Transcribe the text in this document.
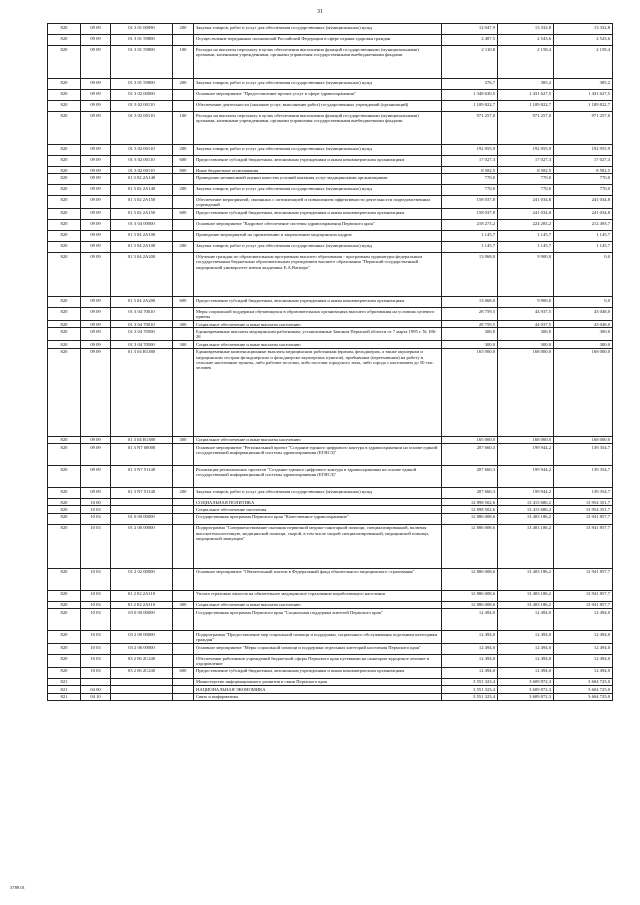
31
820	09 09	01 3 01 00090	200	Закупка товаров, работ и услуг для обеспечения государственных (муниципальных) нужд	12 047,9	13 332,8	13 332,8
820	09 09	01 3 01 59800		Осуществление переданных полномочий Российской Федерации в сфере охраны здоровья граждан	2 487,5	2 543,6	2 543,6
820	09 09	01 3 01 59800	100	Расходы на выплаты персоналу в целях обеспечения выполнения функций государственными (муниципальными) органами, казенными учреждениями, органами управления государственными внебюджетными фондами	2 110,8	2 158,4	2 158,4
820	09 09	01 3 01 59800	200	Закупка товаров, работ и услуг для обеспечения государственных (муниципальных) нужд	376,7	385,2	385,2
820	09 09	01 3 02 00000		Основное мероприятие "Предоставление прочих услуг в сфере здравоохранения"	1 348 630,5	1 431 627,5	1 431 627,5
820	09 09	01 3 02 00110		Обеспечение деятельности (оказание услуг, выполнение работ) государственных учреждений (организаций)	1 189 822,7	1 189 822,7	1 189 822,7
820	09 09	01 3 02 00110	100	Расходы на выплаты персоналу в целях обеспечения выполнения функций государственными (муниципальными) органами, казенными учреждениями, органами управления государственными внебюджетными фондами	971 257,0	971 257,0	971 257,0
820	09 09	01 3 02 00110	200	Закупка товаров, работ и услуг для обеспечения государственных (муниципальных) нужд	192 955,9	192 955,9	192 955,9
820	09 09	01 3 02 00110	600	Предоставление субсидий бюджетным, автономным учреждениям и иным некоммерческим организациям	17 027,3	17 027,3	17 027,3
820	09 09	01 3 02 00110	800	Иные бюджетные ассигнования	8 582,5	8 582,5	8 582,5
820	09 09	01 3 02 2А140		Проведение независимой оценки качества условий оказания услуг медицинскими организациями	770,0	770,0	770,0
820	09 09	01 3 02 2А140	200	Закупка товаров, работ и услуг для обеспечения государственных (муниципальных) нужд	770,0	770,0	770,0
820	09 09	01 3 02 2А150		Обеспечение мероприятий, связанных с оптимизацией и повышением эффективности деятельности подведомственных учреждений	158 037,8	241 034,8	241 034,8
820	09 09	01 3 02 2А150	600	Предоставление субсидий бюджетным, автономным учреждениям и иным некоммерческим организациям	158 037,8	241 034,8	241 034,8
820	09 09	01 3 04 00000		Основное мероприятие "Кадровое обеспечение системы здравоохранения Пермского края"	218 273,2	224 283,2	212 493,7
820	09 09	01 3 04 2А100		Проведение мероприятий по привлечению и закреплению медицинских кадров	1 145,7	1 145,7	1 145,7
820	09 09	01 3 04 2А100	200	Закупка товаров, работ и услуг для обеспечения государственных (муниципальных) нужд	1 145,7	1 145,7	1 145,7
820	09 09	01 3 04 2А200		Обучение граждан по образовательным программам высшего образования - программам ординатуры федеральным государственным бюджетным образовательным учреждением высшего образования "Пермский государственный медицинский университет имени академика Е.А.Вагнера"	13 068,0	9 900,0	0,0
820	09 09	01 3 04 2А200	600	Предоставление субсидий бюджетным, автономным учреждениям и иным некоммерческим организациям	13 068,0	9 900,0	0,0
820	09 09	01 3 04 70010		Меры социальной поддержки обучающихся в образовательных организациях высшего образования на условиях целевого приема	28 759,5	44 937,5	43 048,0
820	09 09	01 3 04 70010	300	Социальное обеспечение и иные выплаты населению	28 759,5	44 937,5	43 048,0
820	09 09	01 3 04 70500		Единовременные выплаты медицинским работникам, установленные Законом Пермской области от 7 марта 1995 г. № 186-28	300,0	300,0	300,0
820	09 09	01 3 04 70500	300	Социальное обеспечение и иные выплаты населению	300,0	300,0	300,0
820	09 09	01 3 04 R1380		Единовременные компенсационные выплаты медицинским работникам (врачам, фельдшерам, а также акушеркам и медицинским сестрам фельдшерских и фельдшерско-акушерских пунктов), прибывшим (переехавшим) на работу в сельские населенные пункты, либо рабочие поселки, либо поселки городского типа, либо города с населением до 50 тыс. человек	165 000,0	168 000,0	168 000,0
820	09 09	01 3 04 R1380	300	Социальное обеспечение и иные выплаты населению	165 000,0	168 000,0	168 000,0
820	09 09	01 3 N7 00000		Основное мероприятие "Региональный проект "Создание единого цифрового контура в здравоохранении на основе единой государственной информационной системы здравоохранения (ЕГИСЗ)"	207 660,3	199 944,2	139 354,7
820	09 09	01 3 N7 51140		Реализация региональных проектов "Создание единого цифрового контура в здравоохранении на основе единой государственной информационной системы здравоохранения (ЕГИСЗ)"	207 660,3	199 944,2	139 354,7
820	09 09	01 3 N7 51140	200	Закупка товаров, работ и услуг для обеспечения государственных (муниципальных) нужд	207 660,3	199 944,2	139 354,7
820	10 00			СОЦИАЛЬНАЯ ПОЛИТИКА	12 898 502,6	13 415 680,2	13 954 351,7
820	10 03			Социальное обеспечение населения	12 898 502,6	13 415 680,2	13 954 351,7
820	10 03	01 0 00 00000		Государственная программа Пермского края "Качественное здравоохранение"	12 886 008,6	13 403 186,2	13 941 857,7
820	10 03	01 2 00 00000		Подпрограмма "Совершенствование оказания первичной медико-санитарной помощи, специализированной, включая высокотехнологичную, медицинской помощи, скорой, в том числе скорой специализированной, медицинской помощи, медицинской эвакуации"	12 886 008,6	13 403 186,2	13 941 857,7
820	10 03	01 2 02 00000		Основное мероприятие "Обязательный платеж в Федеральный фонд обязательного медицинского страхования"	12 886 008,6	13 403 186,2	13 941 857,7
820	10 03	01 2 02 2А110		Уплата страховых взносов на обязательное медицинское страхование неработающего населения	12 886 008,6	13 403 186,2	13 941 857,7
820	10 03	01 2 02 2А110	300	Социальное обеспечение и иные выплаты населению	12 886 008,6	13 403 186,2	13 941 857,7
820	10 03	03 0 00 00000		Государственная программа Пермского края "Социальная поддержка жителей Пермского края"	12 494,0	12 494,0	12 494,0
820	10 03	03 2 00 00000		Подпрограмма "Предоставление мер социальной помощи и поддержки, социального обслуживания отдельным категориям граждан"	12 494,0	12 494,0	12 494,0
820	10 03	03 2 06 00000		Основное мероприятие "Меры социальной помощи и поддержки отдельных категорий населения Пермского края"	12 494,0	12 494,0	12 494,0
820	10 03	03 2 06 2С240		Обеспечение работников учреждений бюджетной сферы Пермского края путевками на санаторно-курортное лечение и оздоровление	12 494,0	12 494,0	12 494,0
820	10 03	03 2 06 2С240	600	Предоставление субсидий бюджетным, автономным учреждениям и иным некоммерческим организациям	12 494,0	12 494,0	12 494,0
821				Министерство информационного развития и связи Пермского края	3 551 323,4	3 609 872,3	3 604 725,0
821	04 00			НАЦИОНАЛЬНАЯ ЭКОНОМИКА	3 551 323,4	3 609 872,3	3 604 725,0
821	04 10			Связь и информатика	3 551 323,4	3 609 872,3	3 604 725,0
3789.01
